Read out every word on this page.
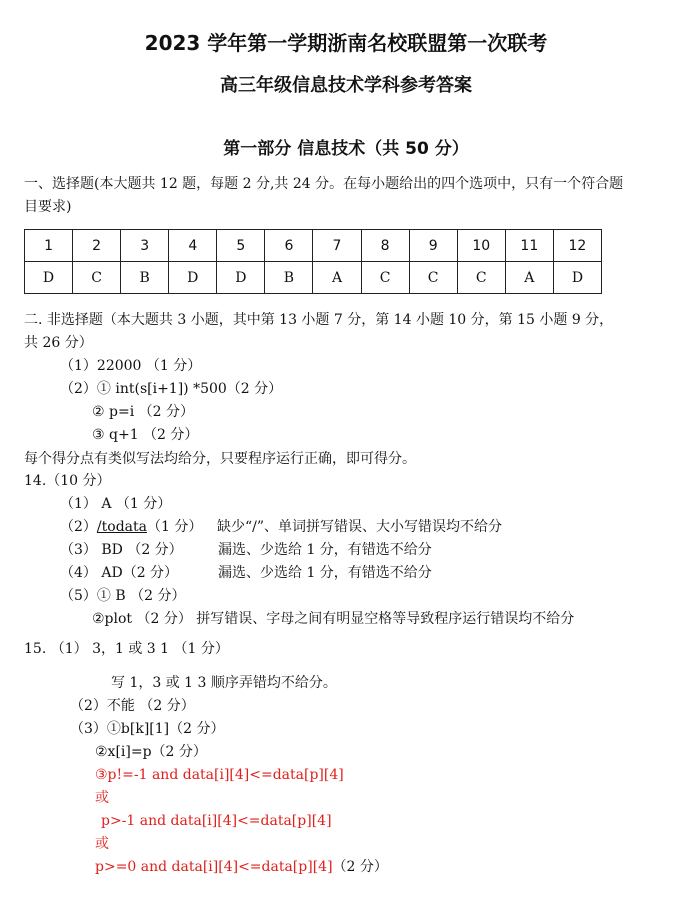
2023 学年第一学期浙南名校联盟第一次联考
高三年级信息技术学科参考答案
第一部分 信息技术（共 50 分）
一、选择题(本大题共 12 题，每题 2 分,共 24 分。在每小题给出的四个选项中，只有一个符合题
目要求)
1	2	3	4	5	6	7	8	9	10	11	12
D	C	B	D	D	B	A	C	C	C	A	D
二. 非选择题（本大题共 3 小题，其中第 13 小题 7 分，第 14 小题 10 分，第 15 小题 9 分，
共 26 分）
（1）22000 （1 分）
（2）① int(s[i+1]) *500（2 分）
② p=i （2 分）
③ q+1 （2 分）
每个得分点有类似写法均给分，只要程序运行正确，即可得分。
14.（10 分）
（1） A （1 分）
（2）/todata（1 分） 缺少“/”、单词拼写错误、大小写错误均不给分
（3） BD （2 分）	漏选、少选给 1 分，有错选不给分
（4） AD（2 分）	漏选、少选给 1 分，有错选不给分
（5）① B （2 分）
②plot （2 分） 拼写错误、字母之间有明显空格等导致程序运行错误均不给分
15. （1） 3，1 或 3 1 （1 分）
写 1，3 或 1 3 顺序弄错均不给分。
（2）不能 （2 分）
（3）①b[k][1]（2 分）
②x[i]=p（2 分）
③p!=-1 and data[i][4]<=data[p][4]
或
p>-1 and data[i][4]<=data[p][4]
或
p>=0 and data[i][4]<=data[p][4]（2 分）
